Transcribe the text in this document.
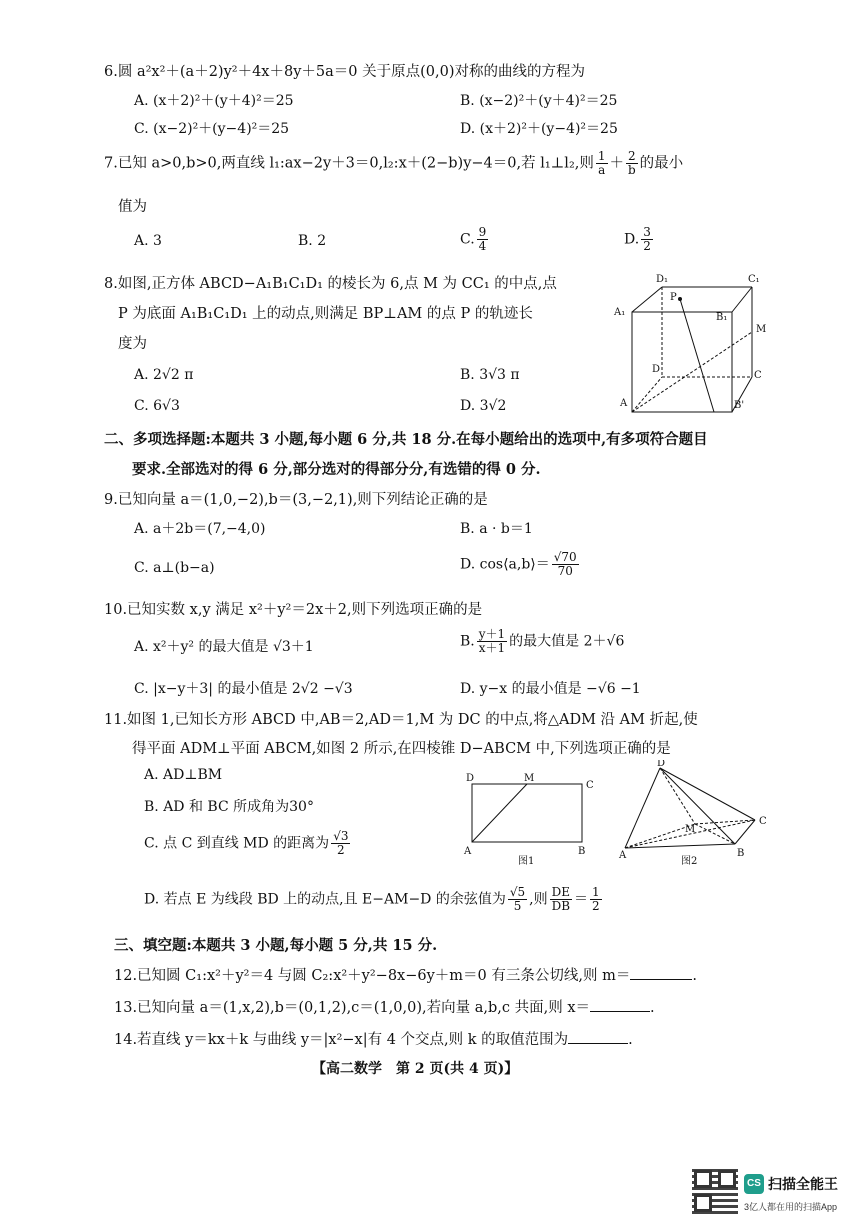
6.圆 a²x²＋(a＋2)y²＋4x＋8y＋5a＝0 关于原点(0,0)对称的曲线的方程为
A. (x＋2)²＋(y＋4)²＝25	B. (x−2)²＋(y＋4)²＝25
C. (x−2)²＋(y−4)²＝25	D. (x＋2)²＋(y−4)²＝25
7.已知 a>0,b>0,两直线 l₁:ax−2y＋3＝0,l₂:x＋(2−b)y−4＝0,若 l₁⊥l₂,则 $\frac{1}{a} + \frac{2}{b}$ 的最小
值为
A. 3	B. 2	C. $\frac{9}{4}$	D. $\frac{3}{2}$
8.如图,正方体 ABCD−A₁B₁C₁D₁ 的棱长为 6,点 M 为 CC₁ 的中点,点
P 为底面 A₁B₁C₁D₁ 上的动点,则满足 BP⊥AM 的点 P 的轨迹长
度为
A. 2√2 π	B. 3√3 π
C. 6√3	D. 3√2
D₁	C₁
A₁	B₁
P
M
D
C
A	B'
二、多项选择题:本题共 3 小题,每小题 6 分,共 18 分.在每小题给出的选项中,有多项符合题目
要求.全部选对的得 6 分,部分选对的得部分分,有选错的得 0 分.
9.已知向量 a＝(1,0,−2),b＝(3,−2,1),则下列结论正确的是
A. a＋2b＝(7,−4,0)	B. a · b＝1
C. a⊥(b−a)	D. cos⟨a,b⟩＝ $\frac{√70}{70}$
10.已知实数 x,y 满足 x²＋y²＝2x＋2,则下列选项正确的是
A. x²＋y² 的最大值是 √3＋1	B. $\frac{y+1}{x+1}$ 的最大值是 2＋√6
C. |x−y＋3| 的最小值是 2√2 −√3	D. y−x 的最小值是 −√6 −1
11.如图 1,已知长方形 ABCD 中,AB＝2,AD＝1,M 为 DC 的中点,将△ADM 沿 AM 折起,使
得平面 ADM⊥平面 ABCM,如图 2 所示,在四棱锥 D−ABCM 中,下列选项正确的是
A. AD⊥BM
B. AD 和 BC 所成角为30°
C. 点 C 到直线 MD 的距离为 $\frac{√3}{2}$
D. 若点 E 为线段 BD 上的动点,且 E−AM−D 的余弦值为 $\frac{√5}{5}$ ,则 $\frac{DE}{DB} = \frac{1}{2}$
D	M
C
A	B
图1
D
M
C
A	B
图2
三、填空题:本题共 3 小题,每小题 5 分,共 15 分.
12.已知圆 C₁:x²＋y²＝4 与圆 C₂:x²＋y²−8x−6y＋m＝0 有三条公切线,则 m＝	.
13.已知向量 a＝(1,x,2),b＝(0,1,2),c＝(1,0,0),若向量 a,b,c 共面,则 x＝	.
14.若直线 y＝kx＋k 与曲线 y＝|x²−x|有 4 个交点,则 k 的取值范围为	.
【高二数学　第 2 页(共 4 页)】
CS 扫描全能王
3亿人都在用的扫描App
